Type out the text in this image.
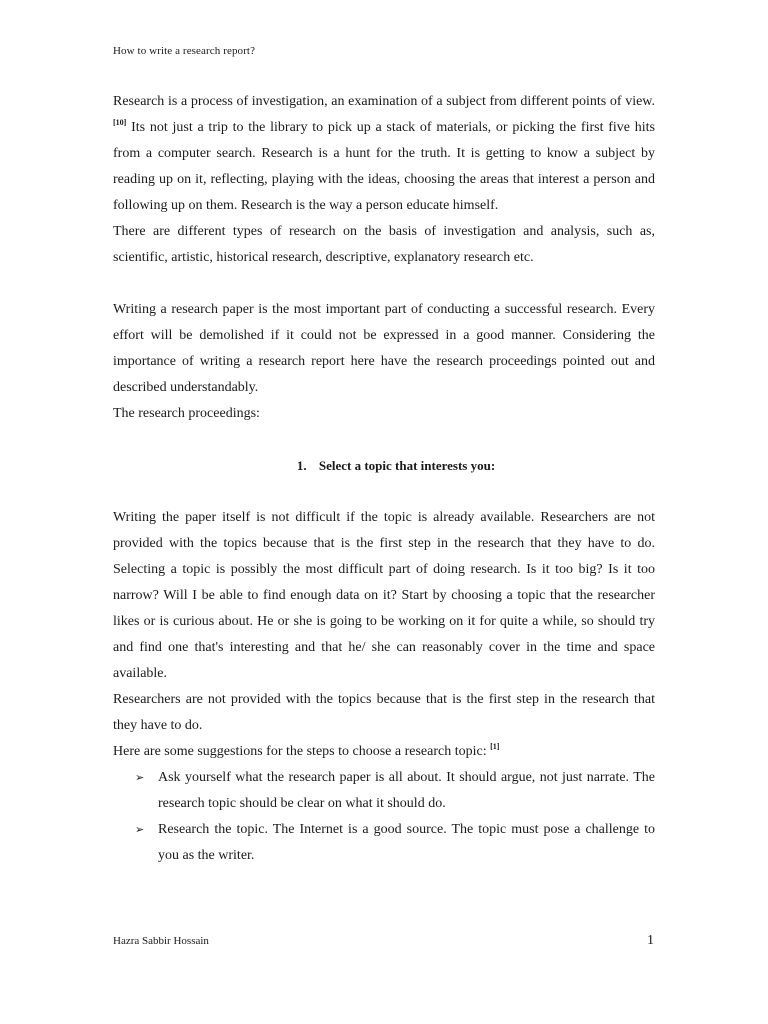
How to write a research report?

Research is a process of investigation, an examination of a subject from different points of view. [10] Its not just a trip to the library to pick up a stack of materials, or picking the first five hits from a computer search. Research is a hunt for the truth. It is getting to know a subject by reading up on it, reflecting, playing with the ideas, choosing the areas that interest a person and following up on them. Research is the way a person educate himself.

There are different types of research on the basis of investigation and analysis, such as, scientific, artistic, historical research, descriptive, explanatory research etc.

Writing a research paper is the most important part of conducting a successful research. Every effort will be demolished if it could not be expressed in a good manner. Considering the importance of writing a research report here have the research proceedings pointed out and described understandably.

The research proceedings:

1. Select a topic that interests you:

Writing the paper itself is not difficult if the topic is already available. Researchers are not provided with the topics because that is the first step in the research that they have to do. Selecting a topic is possibly the most difficult part of doing research. Is it too big? Is it too narrow? Will I be able to find enough data on it? Start by choosing a topic that the researcher likes or is curious about. He or she is going to be working on it for quite a while, so should try and find one that's interesting and that he/ she can reasonably cover in the time and space available.

Researchers are not provided with the topics because that is the first step in the research that they have to do.

Here are some suggestions for the steps to choose a research topic: [1]

➢ Ask yourself what the research paper is all about. It should argue, not just narrate. The research topic should be clear on what it should do.
➢ Research the topic. The Internet is a good source. The topic must pose a challenge to you as the writer.
Hazra Sabbir Hossain	1
